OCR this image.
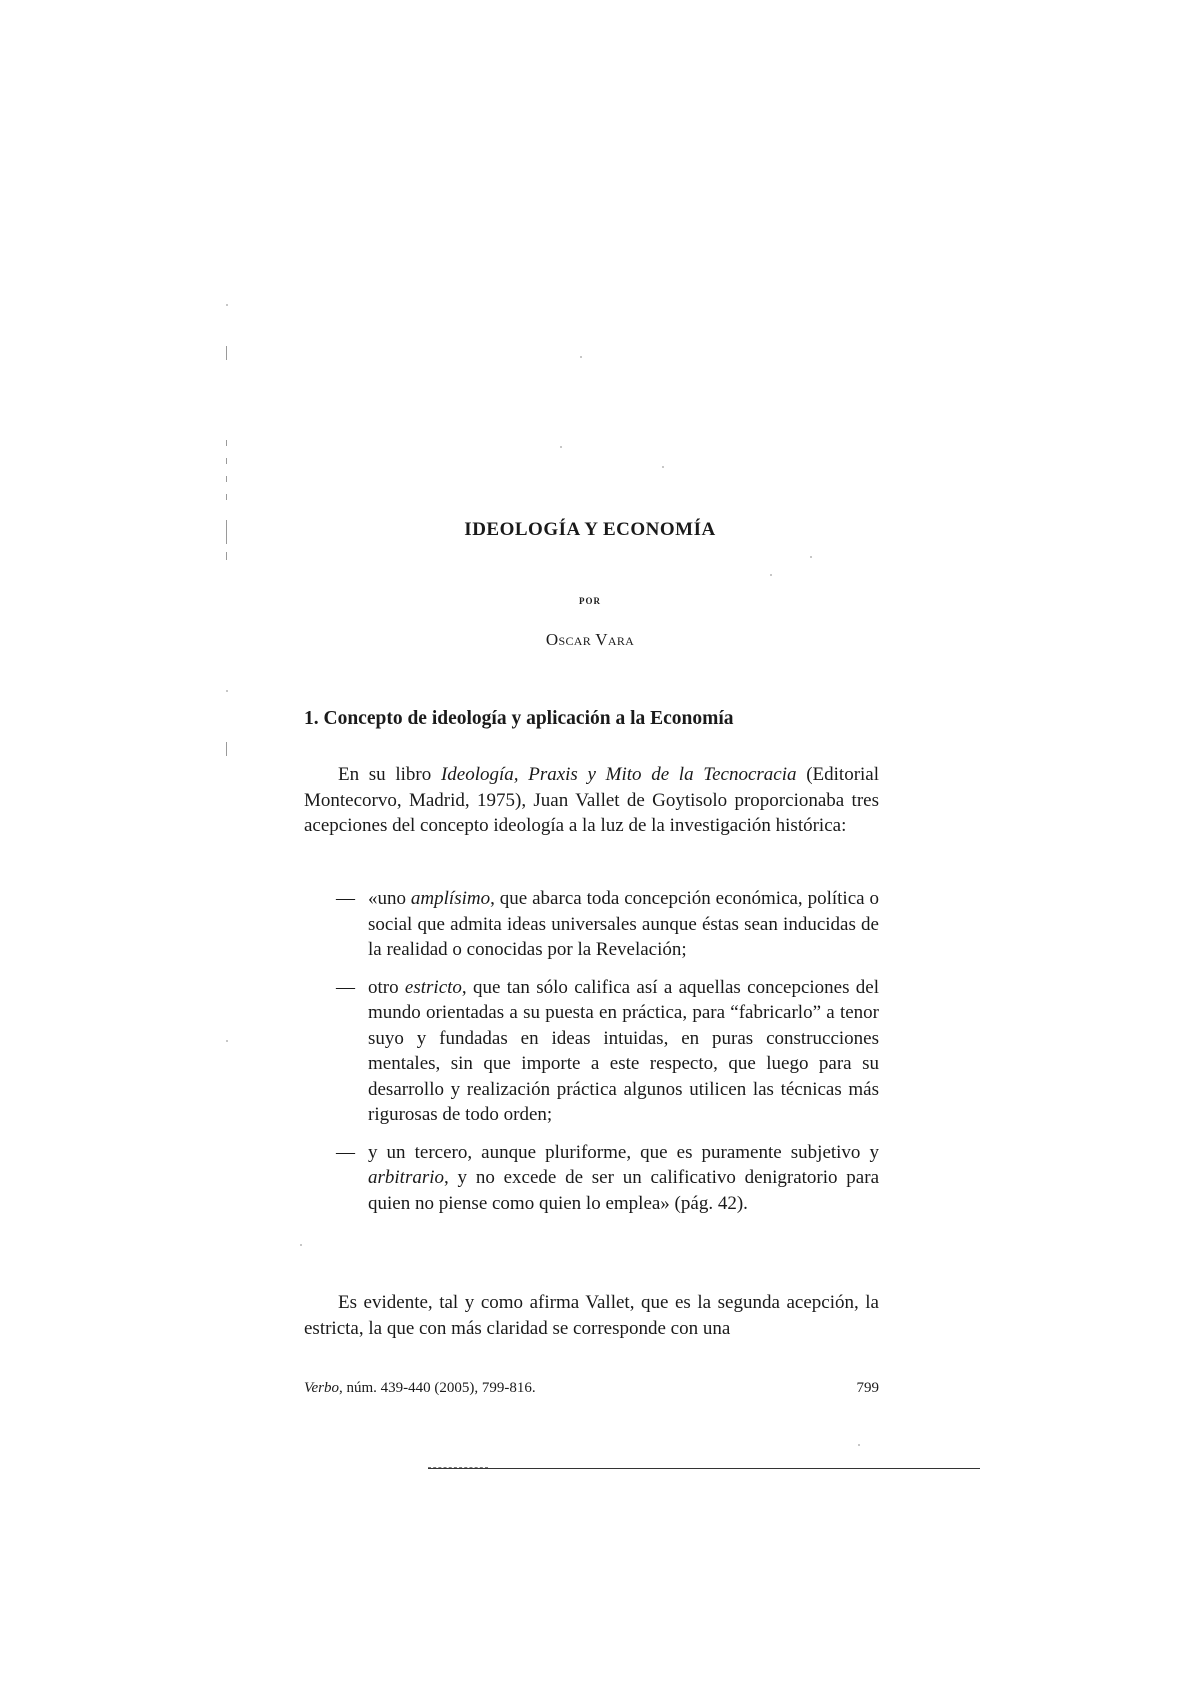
IDEOLOGÍA Y ECONOMÍA
POR
Oscar Vara
1. Concepto de ideología y aplicación a la Economía

En su libro Ideología, Praxis y Mito de la Tecnocracia (Editorial Montecorvo, Madrid, 1975), Juan Vallet de Goytisolo proporcionaba tres acepciones del concepto ideología a la luz de la investigación histórica:

— «uno amplísimo, que abarca toda concepción económica, política o social que admita ideas universales aunque éstas sean inducidas de la realidad o conocidas por la Revelación;
— otro estricto, que tan sólo califica así a aquellas concepciones del mundo orientadas a su puesta en práctica, para “fabricarlo” a tenor suyo y fundadas en ideas intuidas, en puras construcciones mentales, sin que importe a este respecto, que luego para su desarrollo y realización práctica algunos utilicen las técnicas más rigurosas de todo orden;
— y un tercero, aunque pluriforme, que es puramente subjetivo y arbitrario, y no excede de ser un calificativo denigratorio para quien no piense como quien lo emplea» (pág. 42).

Es evidente, tal y como afirma Vallet, que es la segunda acepción, la estricta, la que con más claridad se corresponde con una

Verbo, núm. 439-440 (2005), 799-816.	799
